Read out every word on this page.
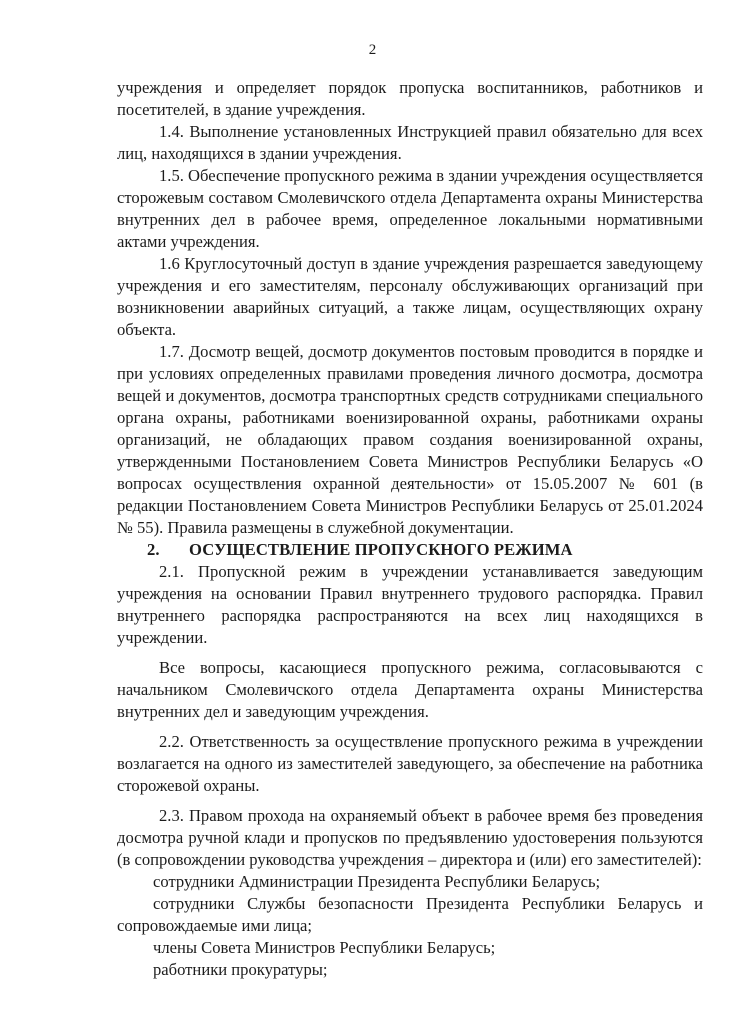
2

учреждения и определяет порядок пропуска воспитанников, работников и посетителей, в здание учреждения.

1.4. Выполнение установленных Инструкцией правил обязательно для всех лиц, находящихся в здании учреждения.

1.5. Обеспечение пропускного режима в здании учреждения осуществляется сторожевым составом Смолевичского отдела Департамента охраны Министерства внутренних дел в рабочее время, определенное локальными нормативными актами учреждения.

1.6 Круглосуточный доступ в здание учреждения разрешается заведующему учреждения и его заместителям, персоналу обслуживающих организаций при возникновении аварийных ситуаций, а также лицам, осуществляющих охрану объекта.

1.7. Досмотр вещей, досмотр документов постовым проводится в порядке и при условиях определенных правилами проведения личного досмотра, досмотра вещей и документов, досмотра транспортных средств сотрудниками специального органа охраны, работниками военизированной охраны, работниками охраны организаций, не обладающих правом создания военизированной охраны, утвержденными Постановлением Совета Министров Республики Беларусь «О вопросах осуществления охранной деятельности» от 15.05.2007 № 601 (в редакции Постановлением Совета Министров Республики Беларусь от 25.01.2024 № 55). Правила размещены в служебной документации.

2. ОСУЩЕСТВЛЕНИЕ ПРОПУСКНОГО РЕЖИМА

2.1. Пропускной режим в учреждении устанавливается заведующим учреждения на основании Правил внутреннего трудового распорядка. Правил внутреннего распорядка распространяются на всех лиц находящихся в учреждении.

Все вопросы, касающиеся пропускного режима, согласовываются с начальником Смолевичского отдела Департамента охраны Министерства внутренних дел и заведующим учреждения.

2.2. Ответственность за осуществление пропускного режима в учреждении возлагается на одного из заместителей заведующего, за обеспечение на работника сторожевой охраны.

2.3. Правом прохода на охраняемый объект в рабочее время без проведения досмотра ручной клади и пропусков по предъявлению удостоверения пользуются (в сопровождении руководства учреждения – директора и (или) его заместителей):

сотрудники Администрации Президента Республики Беларусь;

сотрудники Службы безопасности Президента Республики Беларусь и сопровождаемые ими лица;

члены Совета Министров Республики Беларусь;

работники прокуратуры;
